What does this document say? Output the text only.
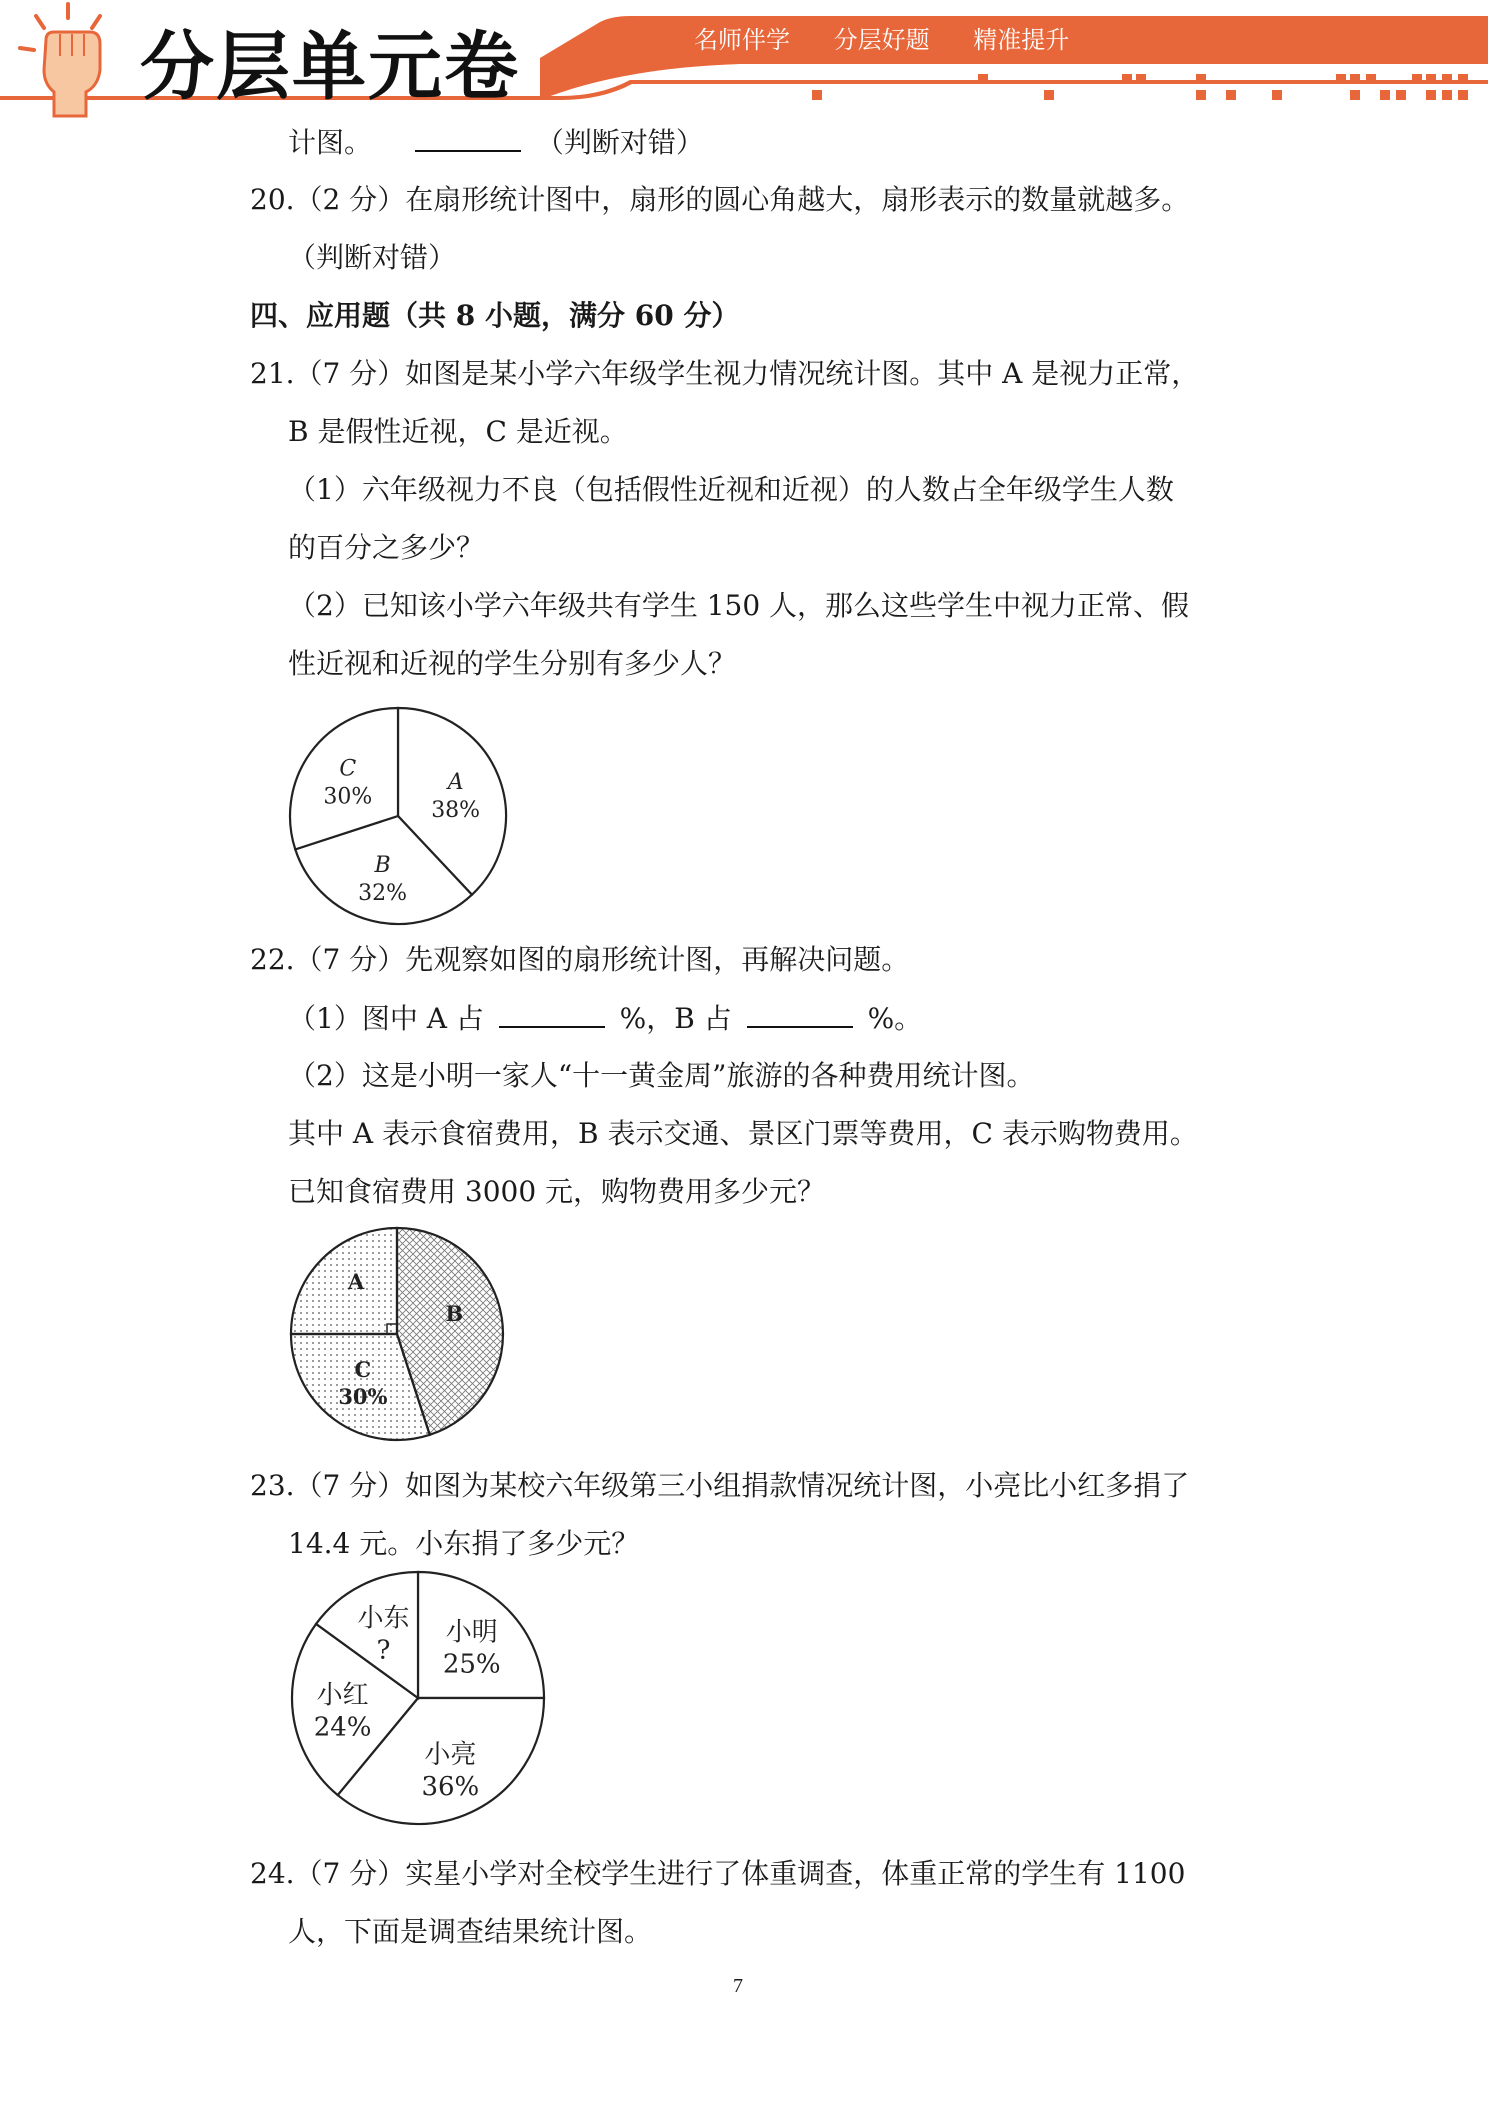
分层单元卷	名师伴学 分层好题 精准提升
计图。	（判断对错）
20.（2 分）在扇形统计图中，扇形的圆心角越大，扇形表示的数量就越多。
（判断对错）
四、应用题（共 8 小题，满分 60 分）
21.（7 分）如图是某小学六年级学生视力情况统计图。其中 A 是视力正常，
B 是假性近视，C 是近视。
（1）六年级视力不良（包括假性近视和近视）的人数占全年级学生人数
的百分之多少？
（2）已知该小学六年级共有学生 150 人，那么这些学生中视力正常、假
性近视和近视的学生分别有多少人？
A
38%
B
32%
C
30%
22.（7 分）先观察如图的扇形统计图，再解决问题。
（1）图中 A 占	%，B 占	%。
（2）这是小明一家人“十一黄金周”旅游的各种费用统计图。
其中 A 表示食宿费用，B 表示交通、景区门票等费用，C 表示购物费用。
已知食宿费用 3000 元，购物费用多少元？
A
B
C
30%
23.（7 分）如图为某校六年级第三小组捐款情况统计图，小亮比小红多捐了
14.4 元。小东捐了多少元？
小明
25%
小亮
36%
小红
24%
小东
?
24.（7 分）实星小学对全校学生进行了体重调查，体重正常的学生有 1100
人，下面是调查结果统计图。
7
